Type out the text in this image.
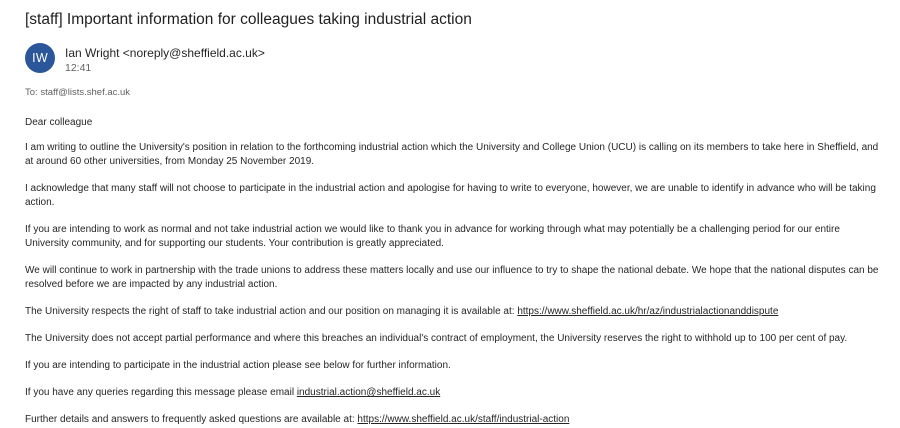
[staff] Important information for colleagues taking industrial action
IW Ian Wright <noreply@sheffield.ac.uk>
12:41
To: staff@lists.shef.ac.uk

Dear colleague

I am writing to outline the University's position in relation to the forthcoming industrial action which the University and College Union (UCU) is calling on its members to take here in Sheffield, and at around 60 other universities, from Monday 25 November 2019.

I acknowledge that many staff will not choose to participate in the industrial action and apologise for having to write to everyone, however, we are unable to identify in advance who will be taking action.

If you are intending to work as normal and not take industrial action we would like to thank you in advance for working through what may potentially be a challenging period for our entire University community, and for supporting our students. Your contribution is greatly appreciated.

We will continue to work in partnership with the trade unions to address these matters locally and use our influence to try to shape the national debate. We hope that the national disputes can be resolved before we are impacted by any industrial action.

The University respects the right of staff to take industrial action and our position on managing it is available at: https://www.sheffield.ac.uk/hr/az/industrialactionanddispute

The University does not accept partial performance and where this breaches an individual's contract of employment, the University reserves the right to withhold up to 100 per cent of pay.

If you are intending to participate in the industrial action please see below for further information.

If you have any queries regarding this message please email industrial.action@sheffield.ac.uk

Further details and answers to frequently asked questions are available at: https://www.sheffield.ac.uk/staff/industrial-action
